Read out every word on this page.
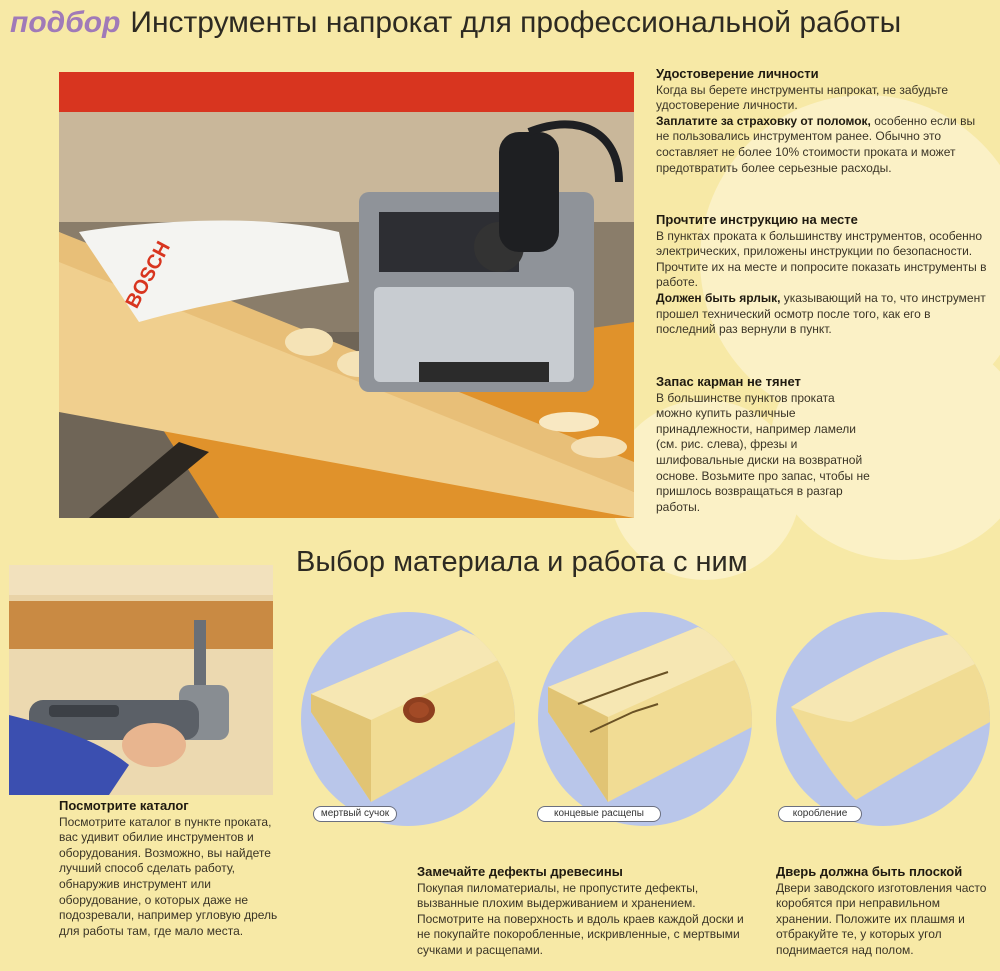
подбор Инструменты напрокат для профессиональной работы
BOSCH
Удостоверение личности

Когда вы берете инструменты напрокат, не забудьте удостоверение личности.

Заплатите за страховку от поломок, особенно если вы не пользовались инструментом ранее. Обычно это составляет не более 10% стоимости проката и может предотвратить более серьезные расходы.

Прочтите инструкцию на месте

В пунктах проката к большинству инструментов, особенно электрических, приложены инструкции по безопасности. Прочтите их на месте и попросите показать инструменты в работе.

Должен быть ярлык, указывающий на то, что инструмент прошел технический осмотр после того, как его в последний раз вернули в пункт.

Запас карман не тянет

В большинстве пунктов проката можно купить различные принадлежности, например ламели (см. рис. слева), фрезы и шлифовальные диски на возвратной основе. Возьмите про запас, чтобы не пришлось возвращаться в разгар работы.

Выбор материала и работа с ним
Посмотрите каталог

Посмотрите каталог в пункте проката, вас удивит обилие инструментов и оборудования. Возможно, вы найдете лучший способ сделать работу, обнаружив инструмент или оборудование, о которых даже не подозревали, например угловую дрель для работы там, где мало места.

мертвый сучок	концевые расщепы	коробление
Замечайте дефекты древесины

Покупая пиломатериалы, не пропустите дефекты, вызванные плохим выдерживанием и хранением. Посмотрите на поверхность и вдоль краев каждой доски и не покупайте покоробленные, искривленные, с мертвыми сучками и расщепами.

Дверь должна быть плоской

Двери заводского изготовления часто коробятся при неправильном хранении. Положите их плашмя и отбракуйте те, у которых угол поднимается над полом.
